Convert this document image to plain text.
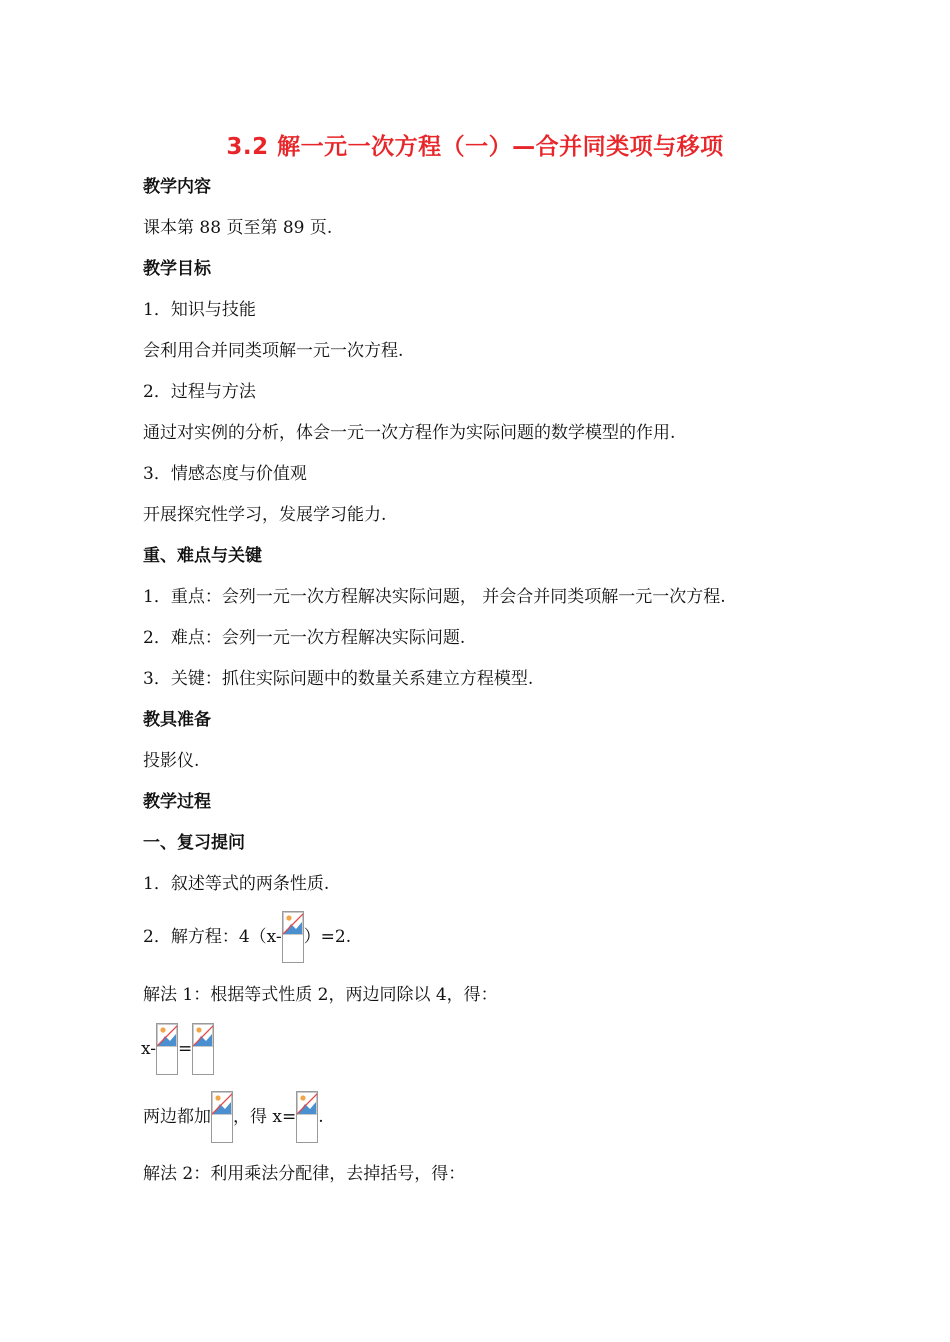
3.2 解一元一次方程（一）—合并同类项与移项
教学内容
课本第 88 页至第 89 页.
教学目标
1．知识与技能
会利用合并同类项解一元一次方程.
2．过程与方法
通过对实例的分析，体会一元一次方程作为实际问题的数学模型的作用.
3．情感态度与价值观
开展探究性学习，发展学习能力.
重、难点与关键
1．重点：会列一元一次方程解决实际问题， 并会合并同类项解一元一次方程.
2．难点：会列一元一次方程解决实际问题.
3．关键：抓住实际问题中的数量关系建立方程模型.
教具准备
投影仪.
教学过程
一、复习提问
1．叙述等式的两条性质.
2．解方程：4（x- ）=2.
解法 1：根据等式性质 2，两边同除以 4，得：
x- =
两边都加 ，得 x= .
解法 2：利用乘法分配律，去掉括号，得：
